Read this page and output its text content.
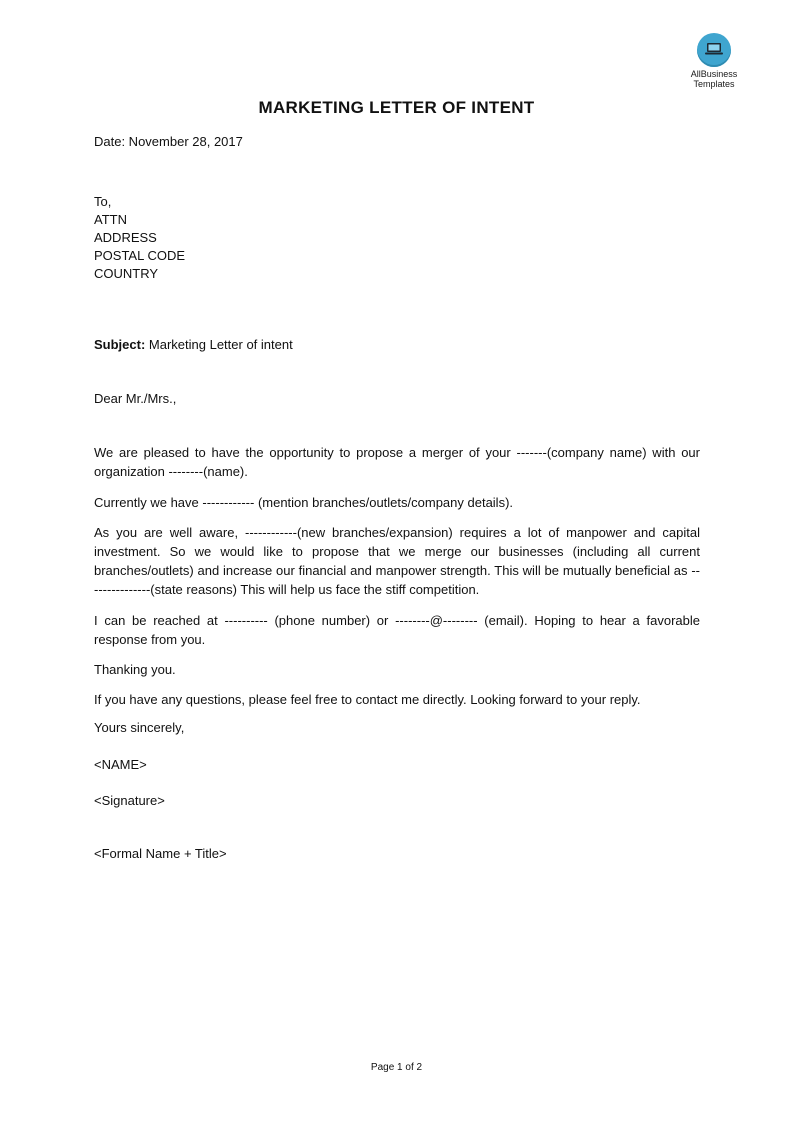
AllBusiness
Templates
MARKETING LETTER OF INTENT
Date: November 28, 2017
To,
ATTN
ADDRESS
POSTAL CODE
COUNTRY
Subject: Marketing Letter of intent
Dear Mr./Mrs.,
We are pleased to have the opportunity to propose a merger of your -------(company name) with our organization --------(name).
Currently we have ------------ (mention branches/outlets/company details).
As you are well aware, ------------(new branches/expansion) requires a lot of manpower and capital investment. So we would like to propose that we merge our businesses (including all current branches/outlets) and increase our financial and manpower strength. This will be mutually beneficial as ---------------(state reasons) This will help us face the stiff competition.
I can be reached at ---------- (phone number) or --------@-------- (email). Hoping to hear a favorable response from you.
Thanking you.
If you have any questions, please feel free to contact me directly. Looking forward to your reply.
Yours sincerely,
<NAME>
<Signature>
<Formal Name + Title>
Page 1 of 2
